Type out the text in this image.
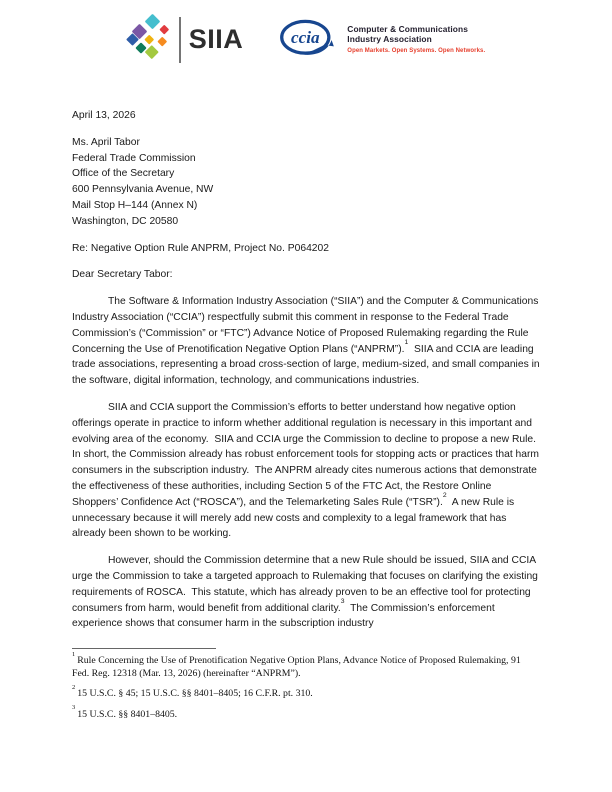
SIIA	ccia	Computer & Communications
Industry Association
Open Markets. Open Systems. Open Networks.
April 13, 2026
Ms. April Tabor
Federal Trade Commission
Office of the Secretary
600 Pennsylvania Avenue, NW
Mail Stop H–144 (Annex N)
Washington, DC 20580
Re: Negative Option Rule ANPRM, Project No. P064202
Dear Secretary Tabor:

The Software & Information Industry Association (“SIIA”) and the Computer & Communications Industry Association (“CCIA”) respectfully submit this comment in response to the Federal Trade Commission’s (“Commission” or “FTC”) Advance Notice of Proposed Rulemaking regarding the Rule Concerning the Use of Prenotification Negative Option Plans (“ANPRM”).$^1$  SIIA and CCIA are leading trade associations, representing a broad cross-section of large, medium-sized, and small companies in the software, digital information, technology, and communications industries.

SIIA and CCIA support the Commission’s efforts to better understand how negative option offerings operate in practice to inform whether additional regulation is necessary in this important and evolving area of the economy.  SIIA and CCIA urge the Commission to decline to propose a new Rule.  In short, the Commission already has robust enforcement tools for stopping acts or practices that harm consumers in the subscription industry.  The ANPRM already cites numerous actions that demonstrate the effectiveness of these authorities, including Section 5 of the FTC Act, the Restore Online Shoppers’ Confidence Act (“ROSCA”), and the Telemarketing Sales Rule (“TSR”).$^2$  A new Rule is unnecessary because it will merely add new costs and complexity to a legal framework that has already been shown to be working.

However, should the Commission determine that a new Rule should be issued, SIIA and CCIA urge the Commission to take a targeted approach to Rulemaking that focuses on clarifying the existing requirements of ROSCA.  This statute, which has already proven to be an effective tool for protecting consumers from harm, would benefit from additional clarity.$^3$  The Commission’s enforcement experience shows that consumer harm in the subscription industry

$^1$Rule Concerning the Use of Prenotification Negative Option Plans, Advance Notice of Proposed Rulemaking, 91 Fed. Reg. 12318 (Mar. 13, 2026) (hereinafter “ANPRM”).
$^2$15 U.S.C. § 45; 15 U.S.C. §§ 8401–8405; 16 C.F.R. pt. 310.
$^3$15 U.S.C. §§ 8401–8405.
